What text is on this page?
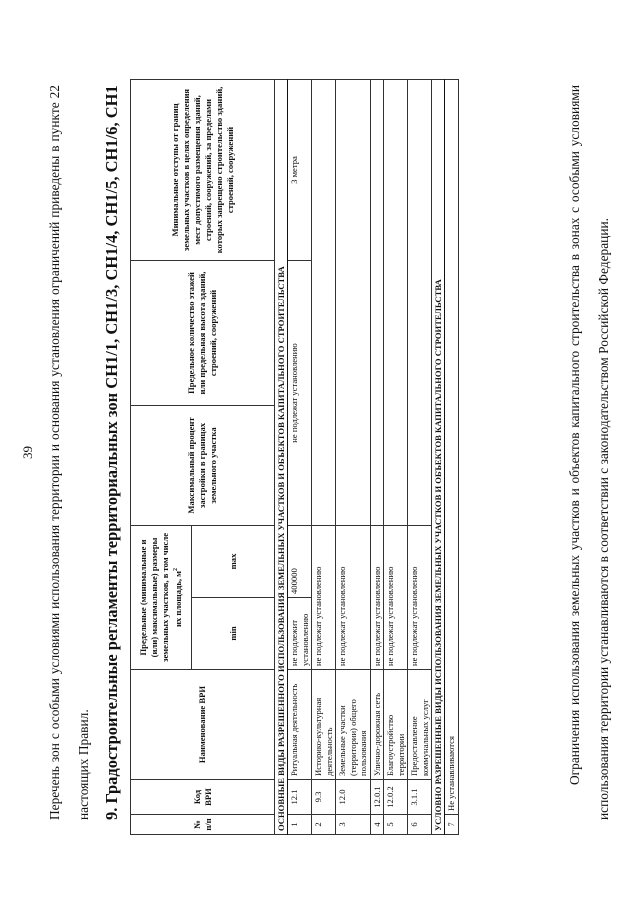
39 Перечень зон с особыми условиями использования территории и основания установления ограничений приведены в пункте 22 настоящих Правил. 9. Градостроительные регламенты территориальных зон СН1/1, СН1/3, СН1/4, СН1/5, СН1/6, СН1
№ п/п	Код ВРИ	Наименование ВРИ	Предельные (минимальные и (или) максимальные) размеры земельных участков, в том числе их площадь, $м^2$		Максимальный процент застройки в границах земельного участка	Предельное количество этажей или предельная высота зданий, строений, сооружений	Минимальные отступы от границ земельных участков в целях определения мест допустимого размещения зданий, строений, сооружений, за пределами которых запрещено строительство зданий, строений, сооружений
			min	max			
ОСНОВНЫЕ ВИДЫ РАЗРЕШЕННОГО ИСПОЛЬЗОВАНИЯ ЗЕМЕЛЬНЫХ УЧАСТКОВ И ОБЪЕКТОВ КАПИТАЛЬНОГО СТРОИТЕЛЬСТВА							
1	12.1	Ритуальная деятельность	не подлежит установлению	400000	не подлежат установлению		3 метра
2	9.3	Историко-культурная деятельность	не подлежат установлению				
3	12.0	Земельные участки (территории) общего пользования	не подлежат установлению				
4	12.0.1	Улично-дорожная сеть	не подлежат установлению				
5	12.0.2	Благоустройство территории	не подлежат установлению				
6	3.1.1	Предоставление коммунальных услуг	не подлежат установлению				
УСЛОВНО РАЗРЕШЕННЫЕ ВИДЫ ИСПОЛЬЗОВАНИЯ ЗЕМЕЛЬНЫХ УЧАСТКОВ И ОБЪЕКТОВ КАПИТАЛЬНОГО СТРОИТЕЛЬСТВА							
7	Не устанавливаются							Ограничения использования земельных участков и объектов капитального строительства в зонах с особыми условиями использования территории устанавливаются в соответствии с законодательством Российской Федерации.
